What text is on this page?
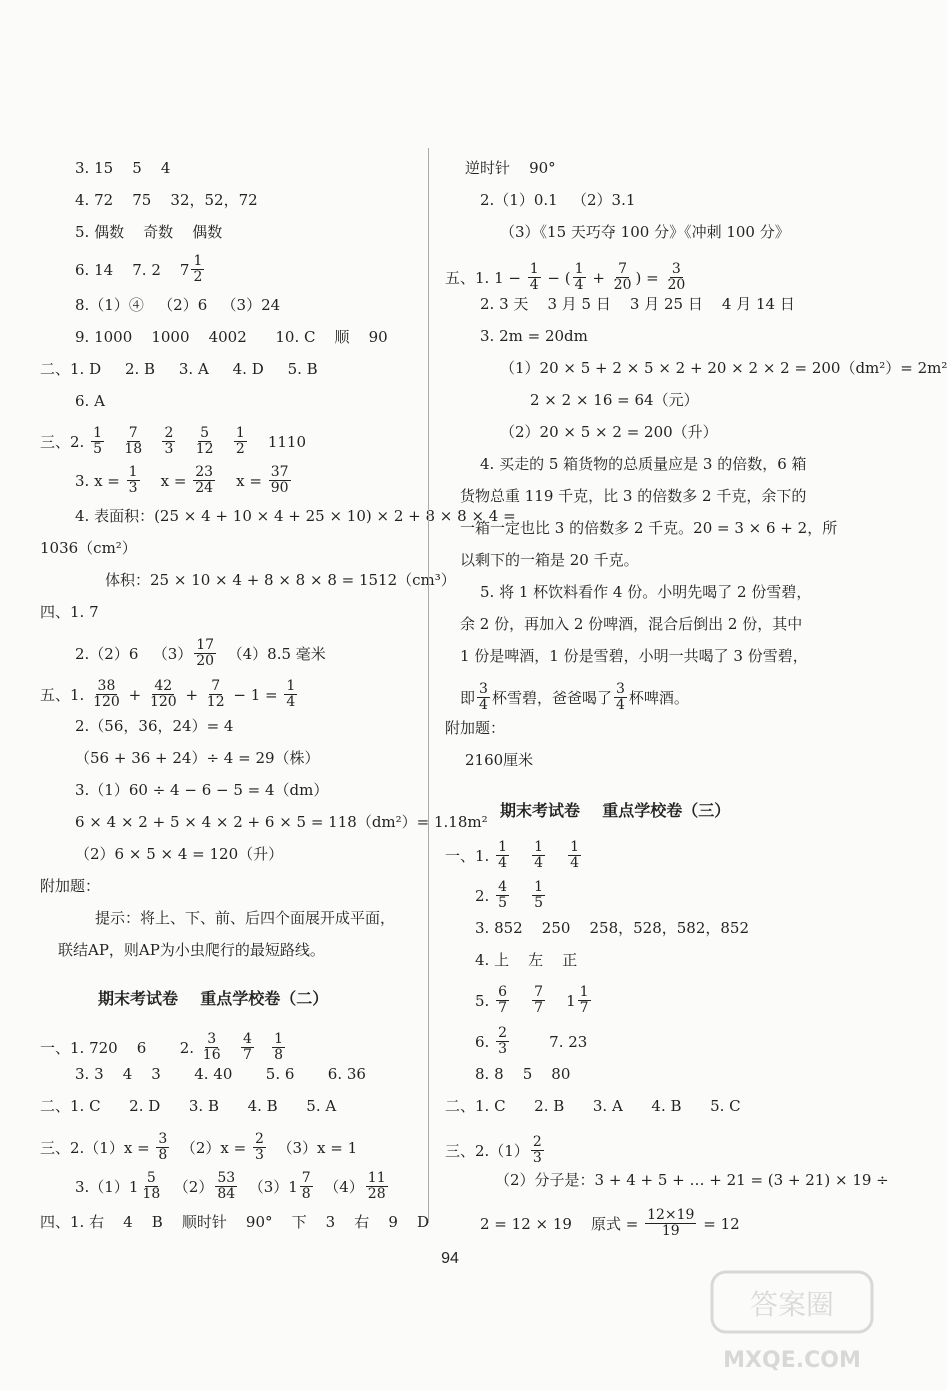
3. 15    5    4
4. 72    75    32，52，72
5. 偶数    奇数    偶数
6. 14    7. 2    $7 \frac{1}{2}$
8.（1）④   （2）6   （3）24
9. 1000    1000    4002      10. C    顺    90
二、1. D     2. B     3. A     4. D     5. B
6. A
三、2. $\frac{1}{5}$
$\frac{7}{18}$
$\frac{2}{3}$
$\frac{5}{12}$
$\frac{1}{2} 1110$
3. $x = \frac{1}{3}$ $x = \frac{23}{24}$ $x = \frac{37}{90}$
4. 表面积：(25 × 4 + 10 × 4 + 25 × 10) × 2 + 8 × 8 × 4 =
1036（cm²）
体积：25 × 10 × 4 + 8 × 8 × 8 = 1512（cm³）
四、1. 7
2.（2）6   $(3) \frac{17}{20} (4)8.5$ 毫米
五、1. $\frac{38}{120} + \frac{42}{120} + \frac{7}{12} - 1 = \frac{1}{4}$
2.（56，36，24）= 4
（56 + 36 + 24）÷ 4 = 29（株）
3.（1）60 ÷ 4 − 6 − 5 = 4（dm）
6 × 4 × 2 + 5 × 4 × 2 + 6 × 5 = 118（dm²）= 1.18m²
（2）6 × 5 × 4 = 120（升）
附加题：
提示：将上、下、前、后四个面展开成平面，
联结AP，则AP为小虫爬行的最短路线。
期末考试卷    重点学校卷（二）
一、1. 720    6       2. $\frac{3}{16}$
$\frac{4}{7}$
$\frac{1}{8}$
3. 3    4    3       4. 40       5. 6       6. 36
二、1. C      2. D      3. B      4. B      5. A
三、$2.(1)x = \frac{3}{8} (2)x = \frac{2}{3} (3)x = 1$
$3.(1)1 \frac{5}{18} (2) \frac{53}{84} (3)1 \frac{7}{8} (4) \frac{11}{28}$
四、1. 右    4    B    顺时针    90°    下    3    右    9    D
逆时针    90°
2.（1）0.1   （2）3.1
（3）《15 天巧夺 100 分》《冲刺 100 分》
五、1. $1 - \frac{1}{4}$ − ( $\frac{1}{4} + \frac{7}{20}$ ) = $\frac{3}{20}$
2. 3 天    3 月 5 日    3 月 25 日    4 月 14 日
3. 2m = 20dm
（1）20 × 5 + 2 × 5 × 2 + 20 × 2 × 2 = 200（dm²）= 2m²
2 × 2 × 16 = 64（元）
（2）20 × 5 × 2 = 200（升）
4. 买走的 5 箱货物的总质量应是 3 的倍数，6 箱
货物总重 119 千克，比 3 的倍数多 2 千克，余下的
一箱一定也比 3 的倍数多 2 千克。20 = 3 × 6 + 2，所
以剩下的一箱是 20 千克。
5. 将 1 杯饮料看作 4 份。小明先喝了 2 份雪碧，
余 2 份，再加入 2 份啤酒，混合后倒出 2 份，其中
1 份是啤酒，1 份是雪碧，小明一共喝了 3 份雪碧，
即 $\frac{3}{4}$ 杯雪碧，爸爸喝了 $\frac{3}{4}$ 杯啤酒。
附加题：
2160厘米
期末考试卷    重点学校卷（三）
一、1. $\frac{1}{4}$
$\frac{1}{4}$
$\frac{1}{4}$
2. $\frac{4}{5}$
$\frac{1}{5}$
3. 852    250    258，528，582，852
4. 上    左    正
5. $\frac{6}{7}$
$\frac{7}{7} 1 \frac{1}{7}$
6. $\frac{2}{3} 7$. 23
8. 8    5    80
二、1. C      2. B      3. A      4. B      5. C
三、$2.(1) \frac{2}{3}$
（2）分子是：3 + 4 + 5 + … + 21 = (3 + 21) × 19 ÷
2 = 12 × 19    原式 = $\frac{12\times 19}{19} = 12$
94
答案圈
MXQE.COM
